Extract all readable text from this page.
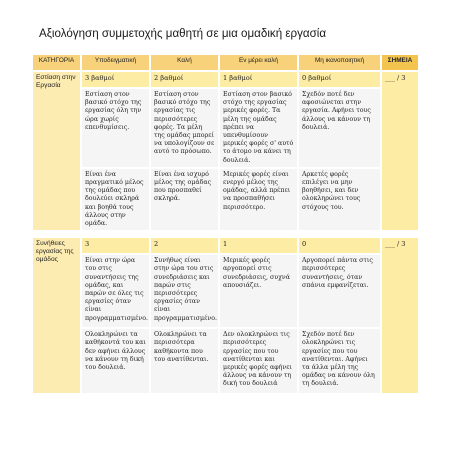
Αξιολόγηση συμμετοχής μαθητή σε μια ομαδική εργασία
ΚΑΤΗΓΟΡΙΑ	Υποδειγματική	Καλή	Εν μέρει καλή	Μη ικανοποιητική	ΣΗΜΕΙΑ
Εστίαση στην Εργασία	3 βαθμοί	2 βαθμοί	1 βαθμοί	0 βαθμοί	___ / 3
	Εστίαση στον βασικό στόχο της εργασίας όλη την ώρα χωρίς επενθυμίσεις.	Εστίαση στον βασικό στόχο της εργασίας τις περισσότερες φορές. Τα μέλη της ομάδας μπορεί να υπολογίζουν σε αυτό το πρόσωπο.	Εστίαση στον βασικό στόχο της εργασίας μερικές φορές. Τα μέλη της ομάδας πρέπει να υπενθυμίσουν μερικές φορές σ' αυτό το άτομο να κάνει τη δουλειά.	Σχεδόν ποτέ δεν αφοσιώνεται στην εργασία. Αφήνει τους άλλους να κάνουν τη δουλειά.	
	Είναι ένα πραγματικό μέλος της ομάδας που δουλεύει σκληρά και βοηθά τους άλλους στην ομάδα.	Είναι ένα ισχυρό μέλος της ομάδας που προσπαθεί σκληρά.	Μερικές φορές είναι ενεργό μέλος της ομάδας, αλλά πρέπει να προσπαθήσει περισσότερο.	Αρκετές φορές επιλέγει να μην βοηθήσει, και δεν ολοκληρώνει τους στόχους του.	

Συνήθειες εργασίας της ομάδος	3	2	1	0	___ / 3
	Είναι στην ώρα του στις συναντήσεις της ομάδας, και παρών σε όλες τις εργασίες όταν είναι προγραμματισμένο.	Συνήθως είναι στην ώρα του στις συνεδριάσεις και παρών στις περισσότερες εργασίες όταν είναι προγραμματισμένο.	Μερικές φορές αργοπορεί στις συνεδριάσεις, συχνά απουσιάζει.	Αργοπορεί πάντα στις περισσότερες συναντήσεις, όταν σπάνια εμφανίζεται.	
	Ολοκληρώνει τα καθήκοντά του και δεν αφήνει άλλους να κάνουν τη δική του δουλειά.	Ολοκληρώνει τα περισσότερα καθήκοντα που του ανατίθενται.	Δεν ολοκληρώνει τις περισσότερες εργασίες που του ανατίθενται και μερικές φορές αφήνει άλλους να κάνουν τη δική του δουλειά	Σχεδόν ποτέ δεν ολοκληρώνει τις εργασίες που του ανατίθενται. Αφήνει τα άλλα μέλη της ομάδας να κάνουν όλη τη δουλειά.	
